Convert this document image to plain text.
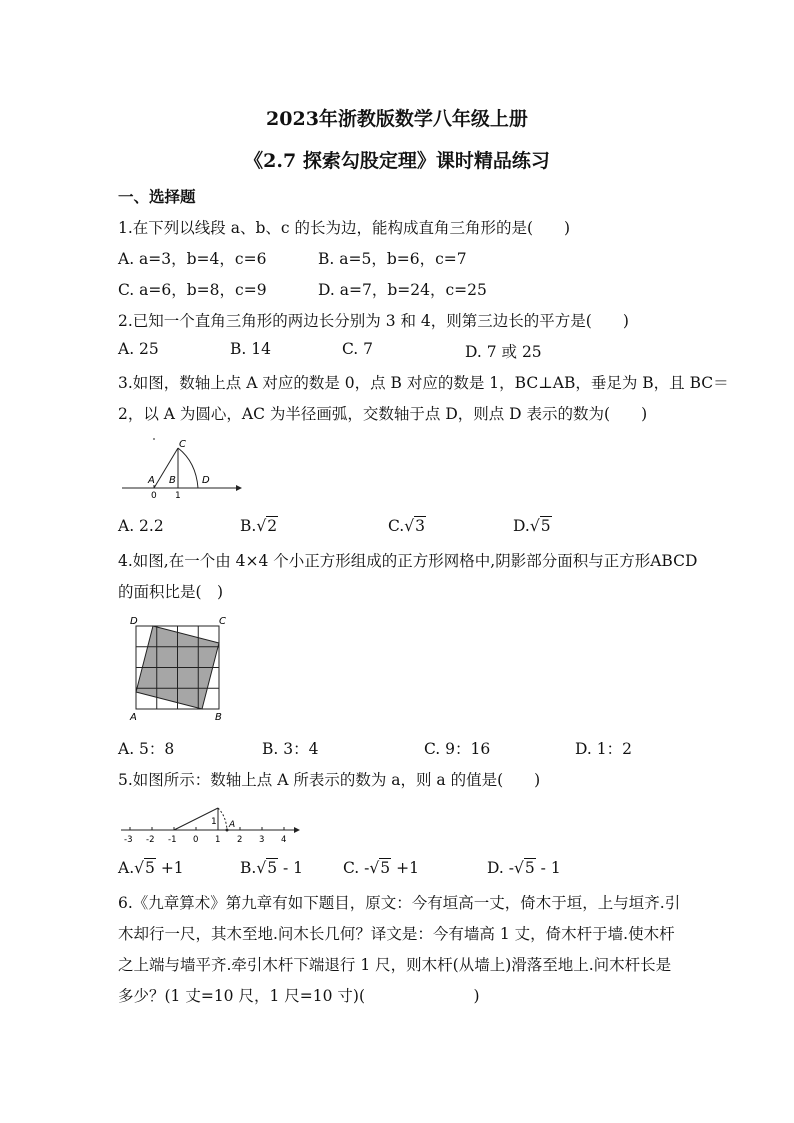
2023年浙教版数学八年级上册
《2.7 探索勾股定理》课时精品练习
一、选择题
1.在下列以线段 a、b、c 的长为边，能构成直角三角形的是(　　)
A. a=3，b=4，c=6	B. a=5，b=6，c=7
C. a=6，b=8，c=9	D. a=7，b=24，c=25
2.已知一个直角三角形的两边长分别为 3 和 4，则第三边长的平方是(　　)
A. 25	B. 14	C. 7	D. 7 或 25
3.如图，数轴上点 A 对应的数是 0，点 B 对应的数是 1，BC⊥AB，垂足为 B，且 BC＝
2，以 A 为圆心，AC 为半径画弧，交数轴于点 D，则点 D 表示的数为(　　)
C
A B	D
0 1
A. 2.2	B.√2	C.√3	D.√5
4.如图,在一个由 4×4 个小正方形组成的正方形网格中,阴影部分面积与正方形ABCD
的面积比是(　)
D	C
A	B
A. 5：8	B. 3：4	C. 9：16	D. 1：2
5.如图所示：数轴上点 A 所表示的数为 a，则 a 的值是(　　)
1 A
-3 -2 -1 0 1 2 3 4
A.√5 +1	B.√5 - 1	C. -√5 +1	D. -√5 - 1
6.《九章算术》第九章有如下题目，原文：今有垣高一丈，倚木于垣，上与垣齐.引
木却行一尺，其木至地.问木长几何？译文是：今有墙高 1 丈，倚木杆于墙.使木杆
之上端与墙平齐.牵引木杆下端退行 1 尺，则木杆(从墙上)滑落至地上.问木杆长是
多少？(1 丈=10 尺，1 尺=10 寸)(　　　　　　　)
